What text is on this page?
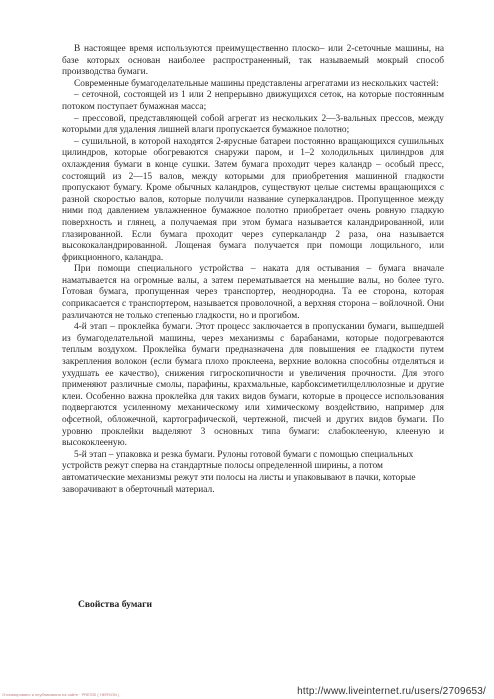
В настоящее время используются преимущественно плоско– или 2-сеточные машины, на базе которых основан наиболее распространенный, так называемый мокрый способ производства бумаги.

Современные бумагоделательные машины представлены агрегатами из нескольких частей:

– сеточной, состоящей из 1 или 2 непрерывно движущихся сеток, на которые постоянным потоком поступает бумажная масса;

– прессовой, представляющей собой агрегат из нескольких 2—3-вальных прессов, между которыми для удаления лишней влаги пропускается бумажное полотно;

– сушильной, в которой находятся 2-ярусные батареи постоянно вращающихся сушильных цилиндров, которые обогреваются снаружи паром, и 1–2 холодильных цилиндров для охлаждения бумаги в конце сушки. Затем бумага проходит через каландр – особый пресс, состоящий из 2—15 валов, между которыми для приобретения машинной гладкости пропускают бумагу. Кроме обычных каландров, существуют целые системы вращающихся с разной скоростью валов, которые получили название суперкаландров. Пропущенное между ними под давлением увлажненное бумажное полотно приобретает очень ровную гладкую поверхность и глянец, а получаемая при этом бумага называется каландрированной, или глазированной. Если бумага проходит через суперкаландр 2 раза, она называется высококаландрированной. Лощеная бумага получается при помощи лощильного, или фрикционного, каландра.

При помощи специального устройства – наката для остывания – бумага вначале наматывается на огромные валы, а затем перематывается на меньшие валы, но более тугo. Готовая бумага, пропущенная через транспортер, неоднородна. Та ее сторона, которая соприкасается с транспортером, называется проволочной, а верхняя сторона – войлочной. Они различаются не только степенью гладкости, но и прогибом.

4-й этап – проклейка бумаги. Этот процесс заключается в пропускании бумаги, вышедшей из бумагоделательной машины, через механизмы с барабанами, которые подогреваются теплым воздухом. Проклейка бумаги предназначена для повышения ее гладкости путем закрепления волокон (если бумага плохо проклеена, верхние волокна способны отделяться и ухудшать ее качество), снижения гигроскопичности и увеличения прочности. Для этого применяют различные смолы, парафины, крахмальные, карбоксиметилцеллюлозные и другие клеи. Особенно важна проклейка для таких видов бумаги, которые в процессе использования подвергаются усиленному механическому или химическому воздействию, например для офсетной, обложечной, картографической, чертежной, писчей и других видов бумаги. По уровню проклейки выделяют 3 основных типа бумаги: слабоклееную, клееную и высококлееную.

5-й этап – упаковка и резка бумаги. Рулоны готовой бумаги с помощью специальных устройств режут сперва на стандартные полосы определенной ширины, а потом автоматические механизмы режут эти полосы на листы и упаковывают в пачки, которые заворачивают в оберточный материал.

Свойства бумаги
Отсканировано и опубликовано на сайте · PRESSI ( HERSON )	http://www.liveinternet.ru/users/2709653/
